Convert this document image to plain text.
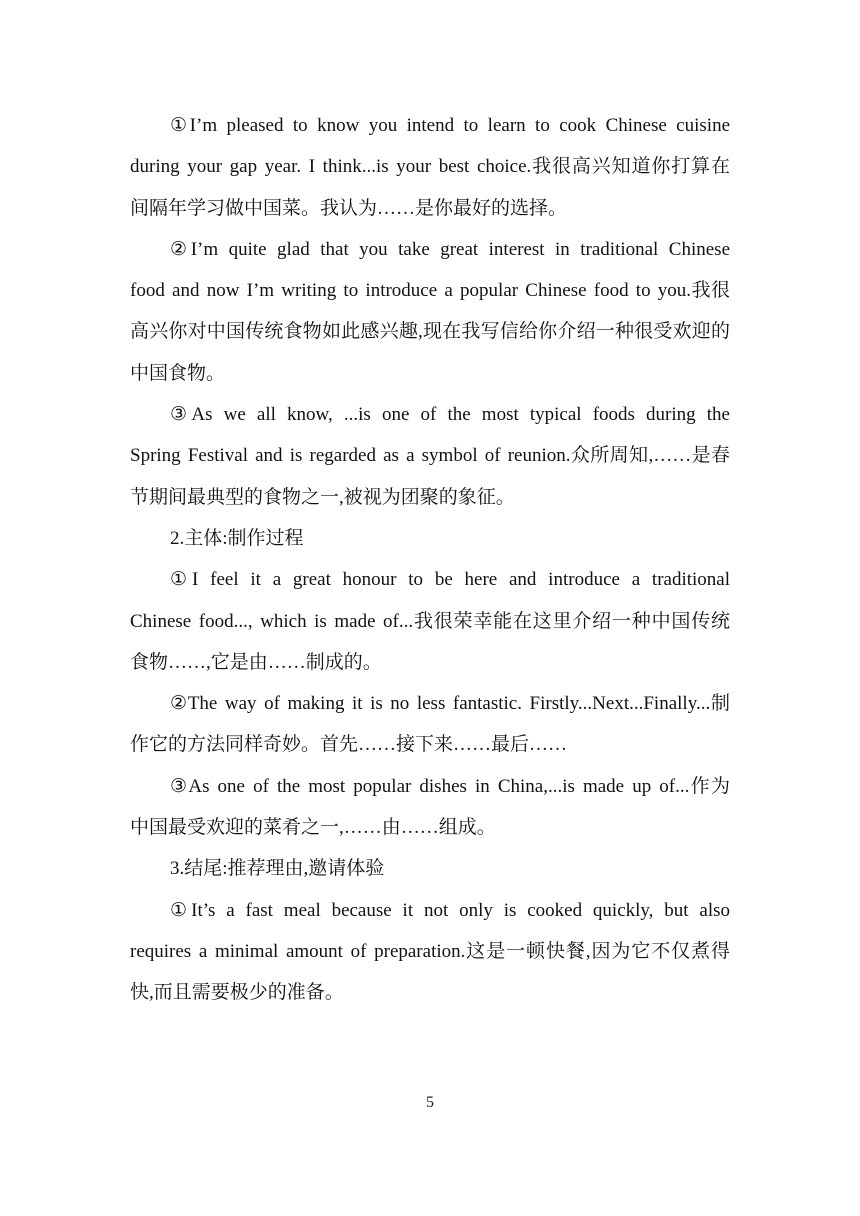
①I’m pleased to know you intend to learn to cook Chinese cuisine during your gap year. I think...is your best choice.我很高兴知道你打算在间隔年学习做中国菜。我认为……是你最好的选择。

②I’m quite glad that you take great interest in traditional Chinese food and now I’m writing to introduce a popular Chinese food to you.我很高兴你对中国传统食物如此感兴趣,现在我写信给你介绍一种很受欢迎的中国食物。

③As we all know, ...is one of the most typical foods during the Spring Festival and is regarded as a symbol of reunion.众所周知,……是春节期间最典型的食物之一,被视为团聚的象征。

2.主体:制作过程

①I feel it a great honour to be here and introduce a traditional Chinese food..., which is made of...我很荣幸能在这里介绍一种中国传统食物……,它是由……制成的。

②The way of making it is no less fantastic. Firstly...Next...Finally...制作它的方法同样奇妙。首先……接下来……最后……

③As one of the most popular dishes in China,...is made up of...作为中国最受欢迎的菜肴之一,……由……组成。

3.结尾:推荐理由,邀请体验

①It’s a fast meal because it not only is cooked quickly, but also requires a minimal amount of preparation.这是一顿快餐,因为它不仅煮得快,而且需要极少的准备。

5
